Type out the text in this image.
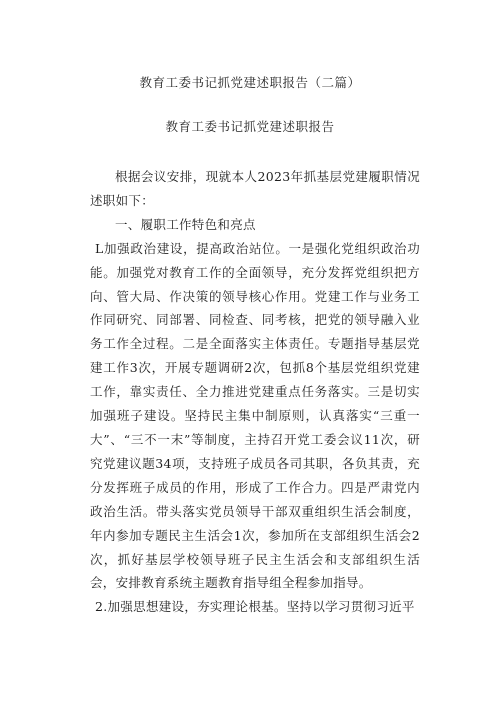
教育工委书记抓党建述职报告（二篇）
教育工委书记抓党建述职报告

根据会议安排，现就本人2023年抓基层党建履职情况述职如下：

一、履职工作特色和亮点

L加强政治建设，提高政治站位。一是强化党组织政治功能。加强党对教育工作的全面领导，充分发挥党组织把方向、管大局、作决策的领导核心作用。党建工作与业务工作同研究、同部署、同检查、同考核，把党的领导融入业务工作全过程。二是全面落实主体责任。专题指导基层党建工作3次，开展专题调研2次，包抓8个基层党组织党建工作，靠实责任、全力推进党建重点任务落实。三是切实加强班子建设。坚持民主集中制原则，认真落实“三重一大”、“三不一末”等制度，主持召开党工委会议11次，研究党建议题34项，支持班子成员各司其职，各负其责，充分发挥班子成员的作用，形成了工作合力。四是严肃党内政治生活。带头落实党员领导干部双重组织生活会制度，年内参加专题民主生活会1次，参加所在支部组织生活会2次，抓好基层学校领导班子民主生活会和支部组织生活会，安排教育系统主题教育指导组全程参加指导。

2.加强思想建设，夯实理论根基。坚持以学习贯彻习近平
